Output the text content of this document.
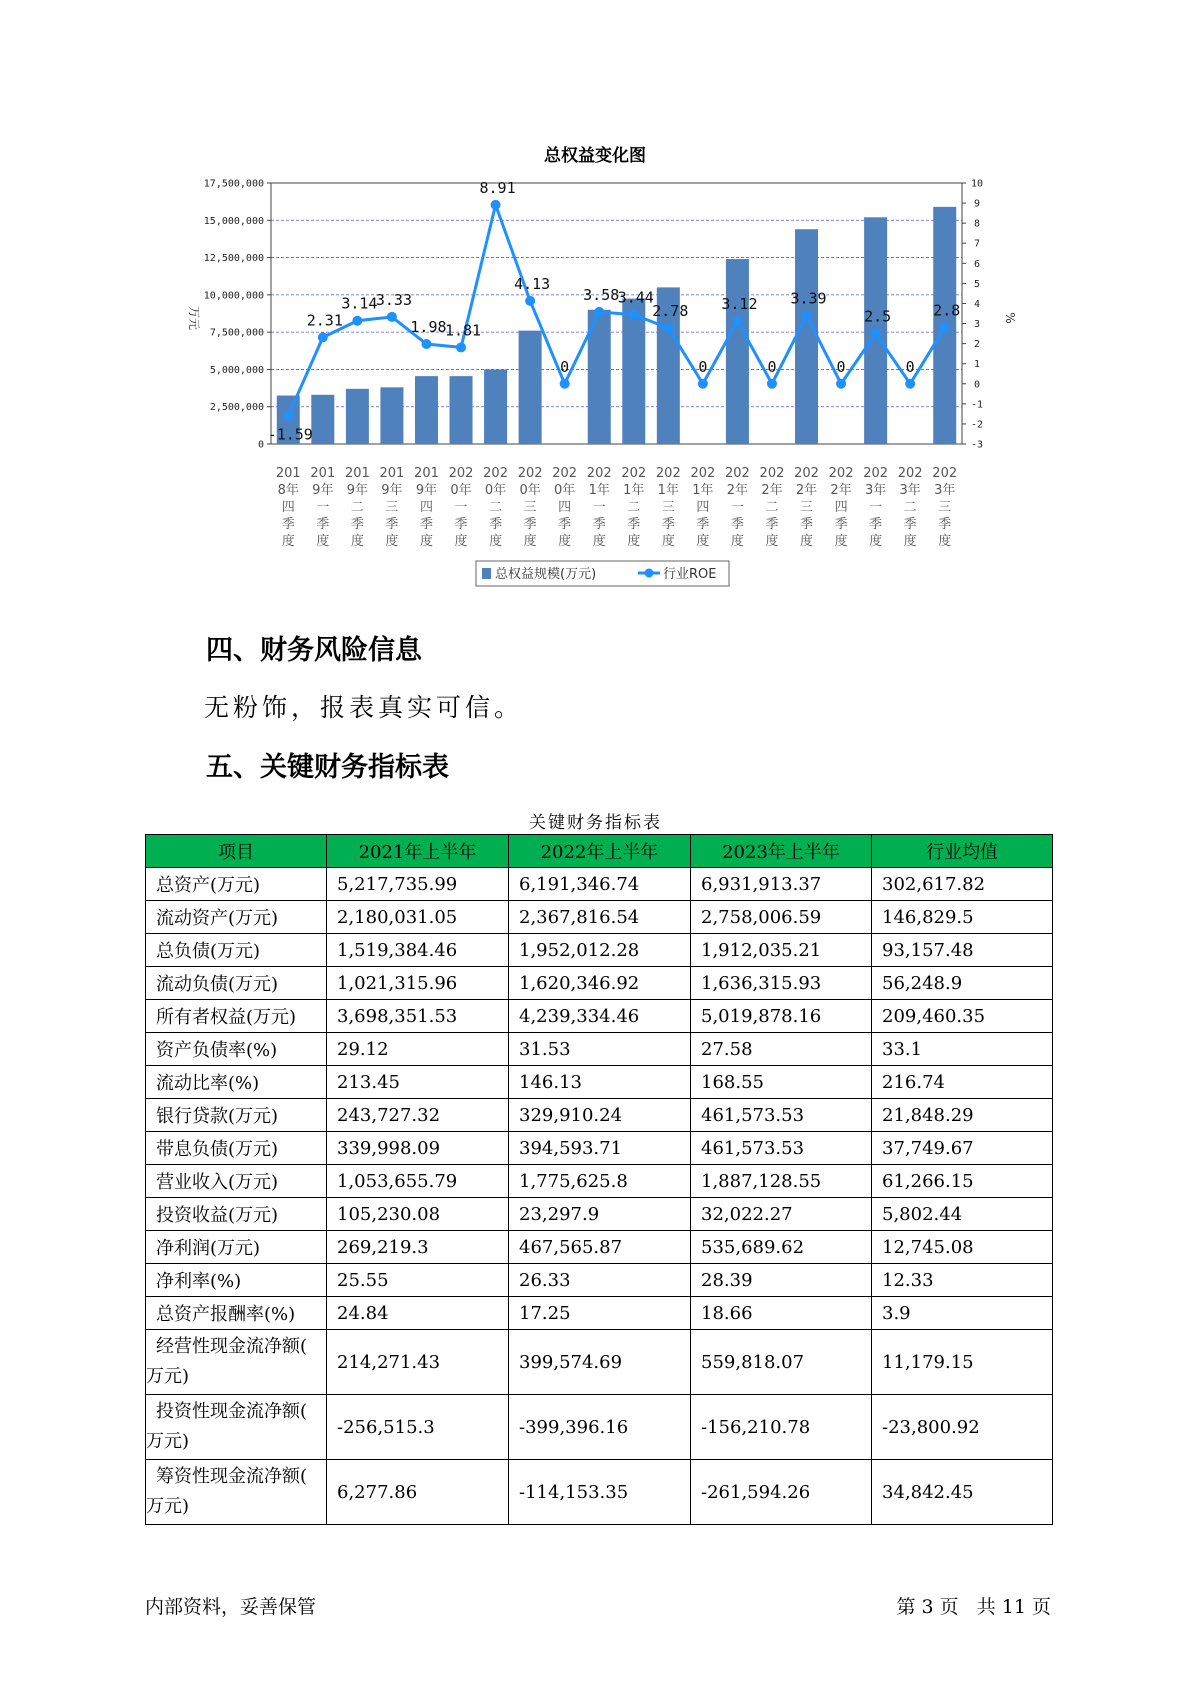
总权益变化图
0
2,500,000
5,000,000
7,500,000
10,000,000
12,500,000
15,000,000
17,500,000
-3
-2
-1
0
1
2
3
4
5
6
7
8
9
10
万元	%
-1.59
2.31
3.14
3.33
1.98
1.81
8.91
4.13
0
3.58
3.44
2.78
0
3.12
0
3.39
0
2.5
0
2.8
201
8年
四
季
度
201
9年
一
季
度
201
9年
二
季
度
201
9年
三
季
度
201
9年
四
季
度
202
0年
一
季
度
202
0年
二
季
度
202
0年
三
季
度
202
0年
四
季
度
202
1年
一
季
度
202
1年
二
季
度
202
1年
三
季
度
202
1年
四
季
度
202
2年
一
季
度
202
2年
二
季
度
202
2年
三
季
度
202
2年
四
季
度
202
3年
一
季
度
202
3年
二
季
度
202
3年
三
季
度
总权益规模(万元)	行业ROE
四、财务风险信息
无粉饰，报表真实可信。
五、关键财务指标表
关键财务指标表
项目	2021年上半年	2022年上半年	2023年上半年	行业均值
总资产(万元)	5,217,735.99	6,191,346.74	6,931,913.37	302,617.82
流动资产(万元)	2,180,031.05	2,367,816.54	2,758,006.59	146,829.5
总负债(万元)	1,519,384.46	1,952,012.28	1,912,035.21	93,157.48
流动负债(万元)	1,021,315.96	1,620,346.92	1,636,315.93	56,248.9
所有者权益(万元)	3,698,351.53	4,239,334.46	5,019,878.16	209,460.35
资产负债率(%)	29.12	31.53	27.58	33.1
流动比率(%)	213.45	146.13	168.55	216.74
银行贷款(万元)	243,727.32	329,910.24	461,573.53	21,848.29
带息负债(万元)	339,998.09	394,593.71	461,573.53	37,749.67
营业收入(万元)	1,053,655.79	1,775,625.8	1,887,128.55	61,266.15
投资收益(万元)	105,230.08	23,297.9	32,022.27	5,802.44
净利润(万元)	269,219.3	467,565.87	535,689.62	12,745.08
净利率(%)	25.55	26.33	28.39	12.33
总资产报酬率(%)	24.84	17.25	18.66	3.9

经营性现金流净额(
万元)	214,271.43	399,574.69	559,818.07	11,179.15

投资性现金流净额(
万元)	-256,515.3	-399,396.16	-156,210.78	-23,800.92

筹资性现金流净额(
万元)	6,277.86	-114,153.35	-261,594.26	34,842.45
内部资料，妥善保管	第 3 页   共 11 页
